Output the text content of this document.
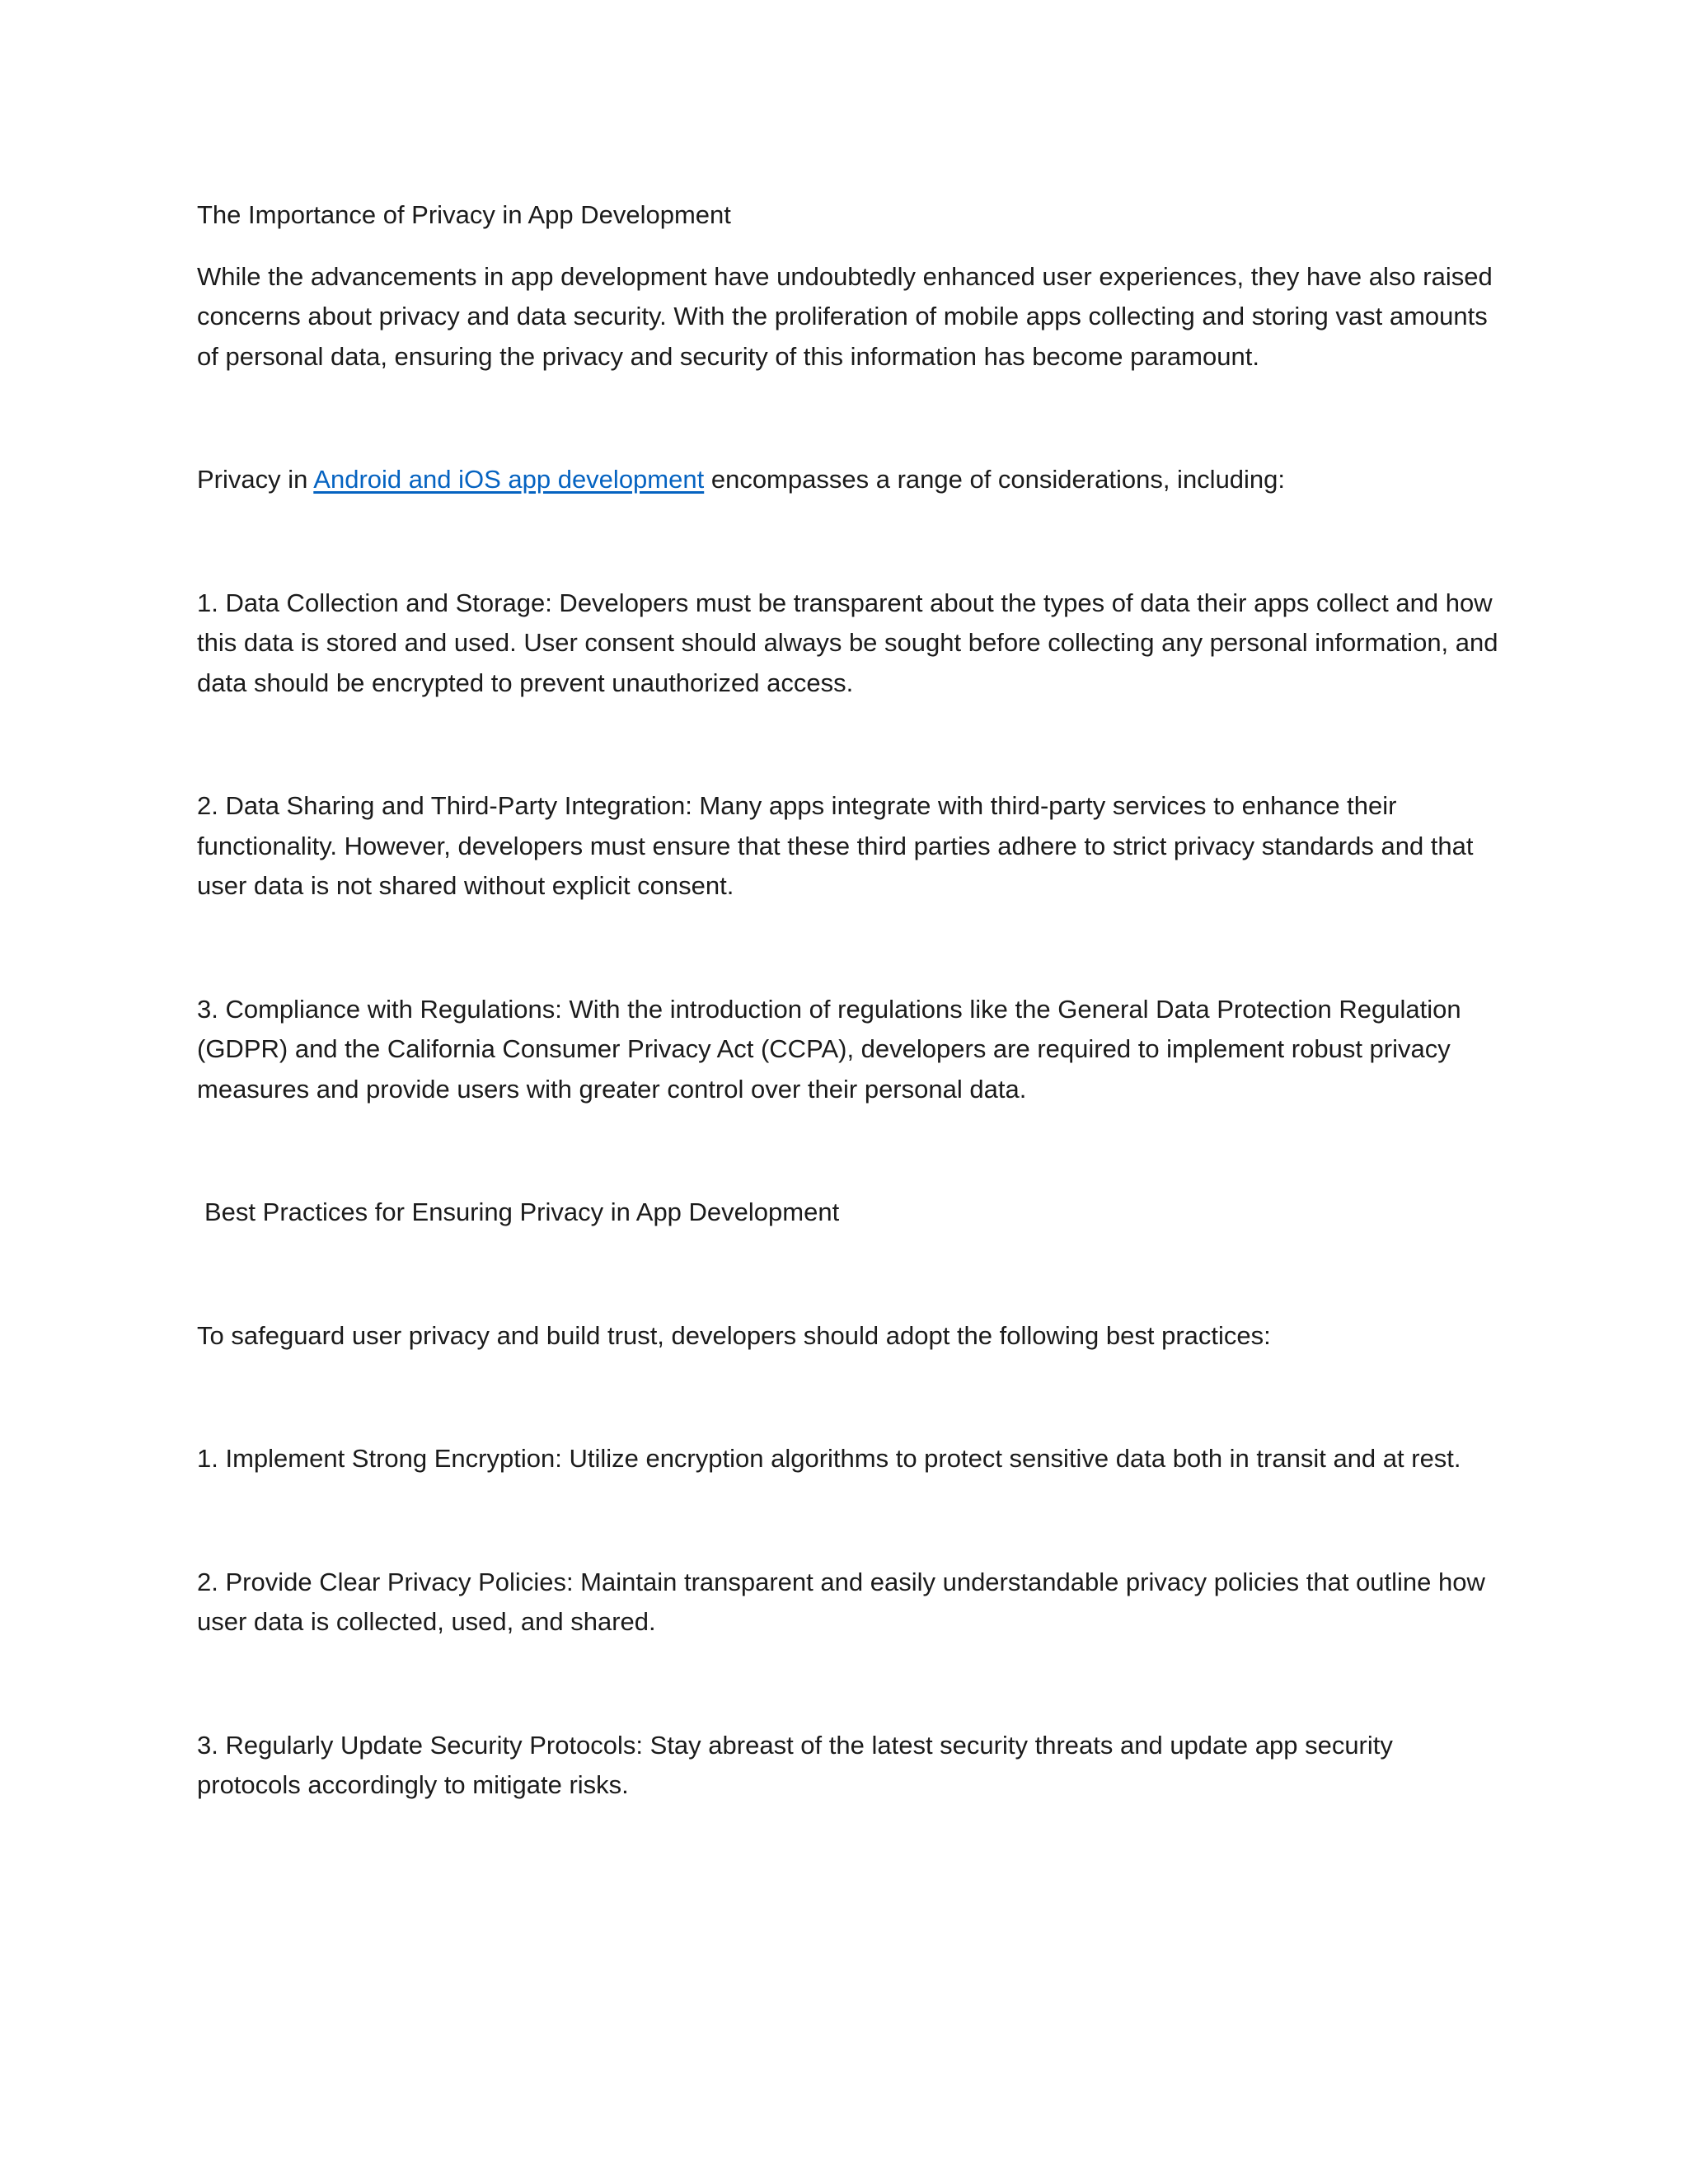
The Importance of Privacy in App Development

While the advancements in app development have undoubtedly enhanced user experiences, they have also raised concerns about privacy and data security. With the proliferation of mobile apps collecting and storing vast amounts of personal data, ensuring the privacy and security of this information has become paramount.

Privacy in Android and iOS app development encompasses a range of considerations, including:

1. Data Collection and Storage: Developers must be transparent about the types of data their apps collect and how this data is stored and used. User consent should always be sought before collecting any personal information, and data should be encrypted to prevent unauthorized access.

2. Data Sharing and Third-Party Integration: Many apps integrate with third-party services to enhance their functionality. However, developers must ensure that these third parties adhere to strict privacy standards and that user data is not shared without explicit consent.

3. Compliance with Regulations: With the introduction of regulations like the General Data Protection Regulation (GDPR) and the California Consumer Privacy Act (CCPA), developers are required to implement robust privacy measures and provide users with greater control over their personal data.

Best Practices for Ensuring Privacy in App Development

To safeguard user privacy and build trust, developers should adopt the following best practices:

1. Implement Strong Encryption: Utilize encryption algorithms to protect sensitive data both in transit and at rest.

2. Provide Clear Privacy Policies: Maintain transparent and easily understandable privacy policies that outline how user data is collected, used, and shared.

3. Regularly Update Security Protocols: Stay abreast of the latest security threats and update app security protocols accordingly to mitigate risks.
